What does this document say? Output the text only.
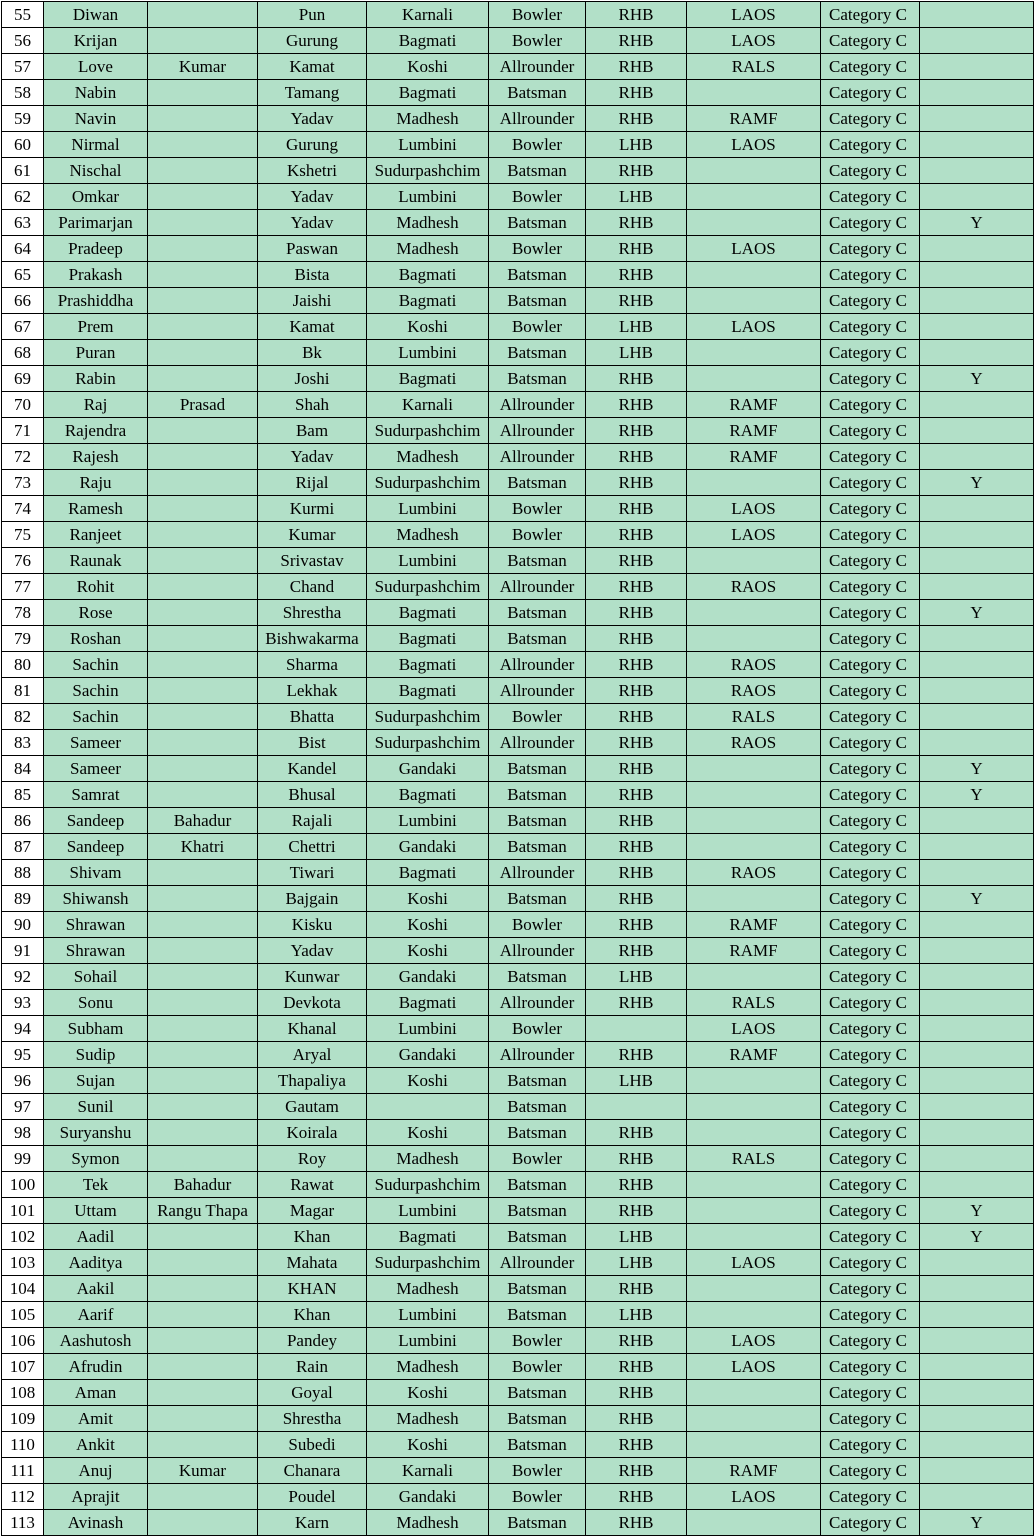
55	Diwan		Pun	Karnali	Bowler	RHB	LAOS	Category C	
56	Krijan		Gurung	Bagmati	Bowler	RHB	LAOS	Category C	
57	Love	Kumar	Kamat	Koshi	Allrounder	RHB	RALS	Category C	
58	Nabin		Tamang	Bagmati	Batsman	RHB		Category C	
59	Navin		Yadav	Madhesh	Allrounder	RHB	RAMF	Category C	
60	Nirmal		Gurung	Lumbini	Bowler	LHB	LAOS	Category C	
61	Nischal		Kshetri	Sudurpashchim	Batsman	RHB		Category C	
62	Omkar		Yadav	Lumbini	Bowler	LHB		Category C	
63	Parimarjan		Yadav	Madhesh	Batsman	RHB		Category C	Y
64	Pradeep		Paswan	Madhesh	Bowler	RHB	LAOS	Category C	
65	Prakash		Bista	Bagmati	Batsman	RHB		Category C	
66	Prashiddha		Jaishi	Bagmati	Batsman	RHB		Category C	
67	Prem		Kamat	Koshi	Bowler	LHB	LAOS	Category C	
68	Puran		Bk	Lumbini	Batsman	LHB		Category C	
69	Rabin		Joshi	Bagmati	Batsman	RHB		Category C	Y
70	Raj	Prasad	Shah	Karnali	Allrounder	RHB	RAMF	Category C	
71	Rajendra		Bam	Sudurpashchim	Allrounder	RHB	RAMF	Category C	
72	Rajesh		Yadav	Madhesh	Allrounder	RHB	RAMF	Category C	
73	Raju		Rijal	Sudurpashchim	Batsman	RHB		Category C	Y
74	Ramesh		Kurmi	Lumbini	Bowler	RHB	LAOS	Category C	
75	Ranjeet		Kumar	Madhesh	Bowler	RHB	LAOS	Category C	
76	Raunak		Srivastav	Lumbini	Batsman	RHB		Category C	
77	Rohit		Chand	Sudurpashchim	Allrounder	RHB	RAOS	Category C	
78	Rose		Shrestha	Bagmati	Batsman	RHB		Category C	Y
79	Roshan		Bishwakarma	Bagmati	Batsman	RHB		Category C	
80	Sachin		Sharma	Bagmati	Allrounder	RHB	RAOS	Category C	
81	Sachin		Lekhak	Bagmati	Allrounder	RHB	RAOS	Category C	
82	Sachin		Bhatta	Sudurpashchim	Bowler	RHB	RALS	Category C	
83	Sameer		Bist	Sudurpashchim	Allrounder	RHB	RAOS	Category C	
84	Sameer		Kandel	Gandaki	Batsman	RHB		Category C	Y
85	Samrat		Bhusal	Bagmati	Batsman	RHB		Category C	Y
86	Sandeep	Bahadur	Rajali	Lumbini	Batsman	RHB		Category C	
87	Sandeep	Khatri	Chettri	Gandaki	Batsman	RHB		Category C	
88	Shivam		Tiwari	Bagmati	Allrounder	RHB	RAOS	Category C	
89	Shiwansh		Bajgain	Koshi	Batsman	RHB		Category C	Y
90	Shrawan		Kisku	Koshi	Bowler	RHB	RAMF	Category C	
91	Shrawan		Yadav	Koshi	Allrounder	RHB	RAMF	Category C	
92	Sohail		Kunwar	Gandaki	Batsman	LHB		Category C	
93	Sonu		Devkota	Bagmati	Allrounder	RHB	RALS	Category C	
94	Subham		Khanal	Lumbini	Bowler		LAOS	Category C	
95	Sudip		Aryal	Gandaki	Allrounder	RHB	RAMF	Category C	
96	Sujan		Thapaliya	Koshi	Batsman	LHB		Category C	
97	Sunil		Gautam		Batsman			Category C	
98	Suryanshu		Koirala	Koshi	Batsman	RHB		Category C	
99	Symon		Roy	Madhesh	Bowler	RHB	RALS	Category C	
100	Tek	Bahadur	Rawat	Sudurpashchim	Batsman	RHB		Category C	
101	Uttam	Rangu Thapa	Magar	Lumbini	Batsman	RHB		Category C	Y
102	Aadil		Khan	Bagmati	Batsman	LHB		Category C	Y
103	Aaditya		Mahata	Sudurpashchim	Allrounder	LHB	LAOS	Category C	
104	Aakil		KHAN	Madhesh	Batsman	RHB		Category C	
105	Aarif		Khan	Lumbini	Batsman	LHB		Category C	
106	Aashutosh		Pandey	Lumbini	Bowler	RHB	LAOS	Category C	
107	Afrudin		Rain	Madhesh	Bowler	RHB	LAOS	Category C	
108	Aman		Goyal	Koshi	Batsman	RHB		Category C	
109	Amit		Shrestha	Madhesh	Batsman	RHB		Category C	
110	Ankit		Subedi	Koshi	Batsman	RHB		Category C	
111	Anuj	Kumar	Chanara	Karnali	Bowler	RHB	RAMF	Category C	
112	Aprajit		Poudel	Gandaki	Bowler	RHB	LAOS	Category C	
113	Avinash		Karn	Madhesh	Batsman	RHB		Category C	Y
